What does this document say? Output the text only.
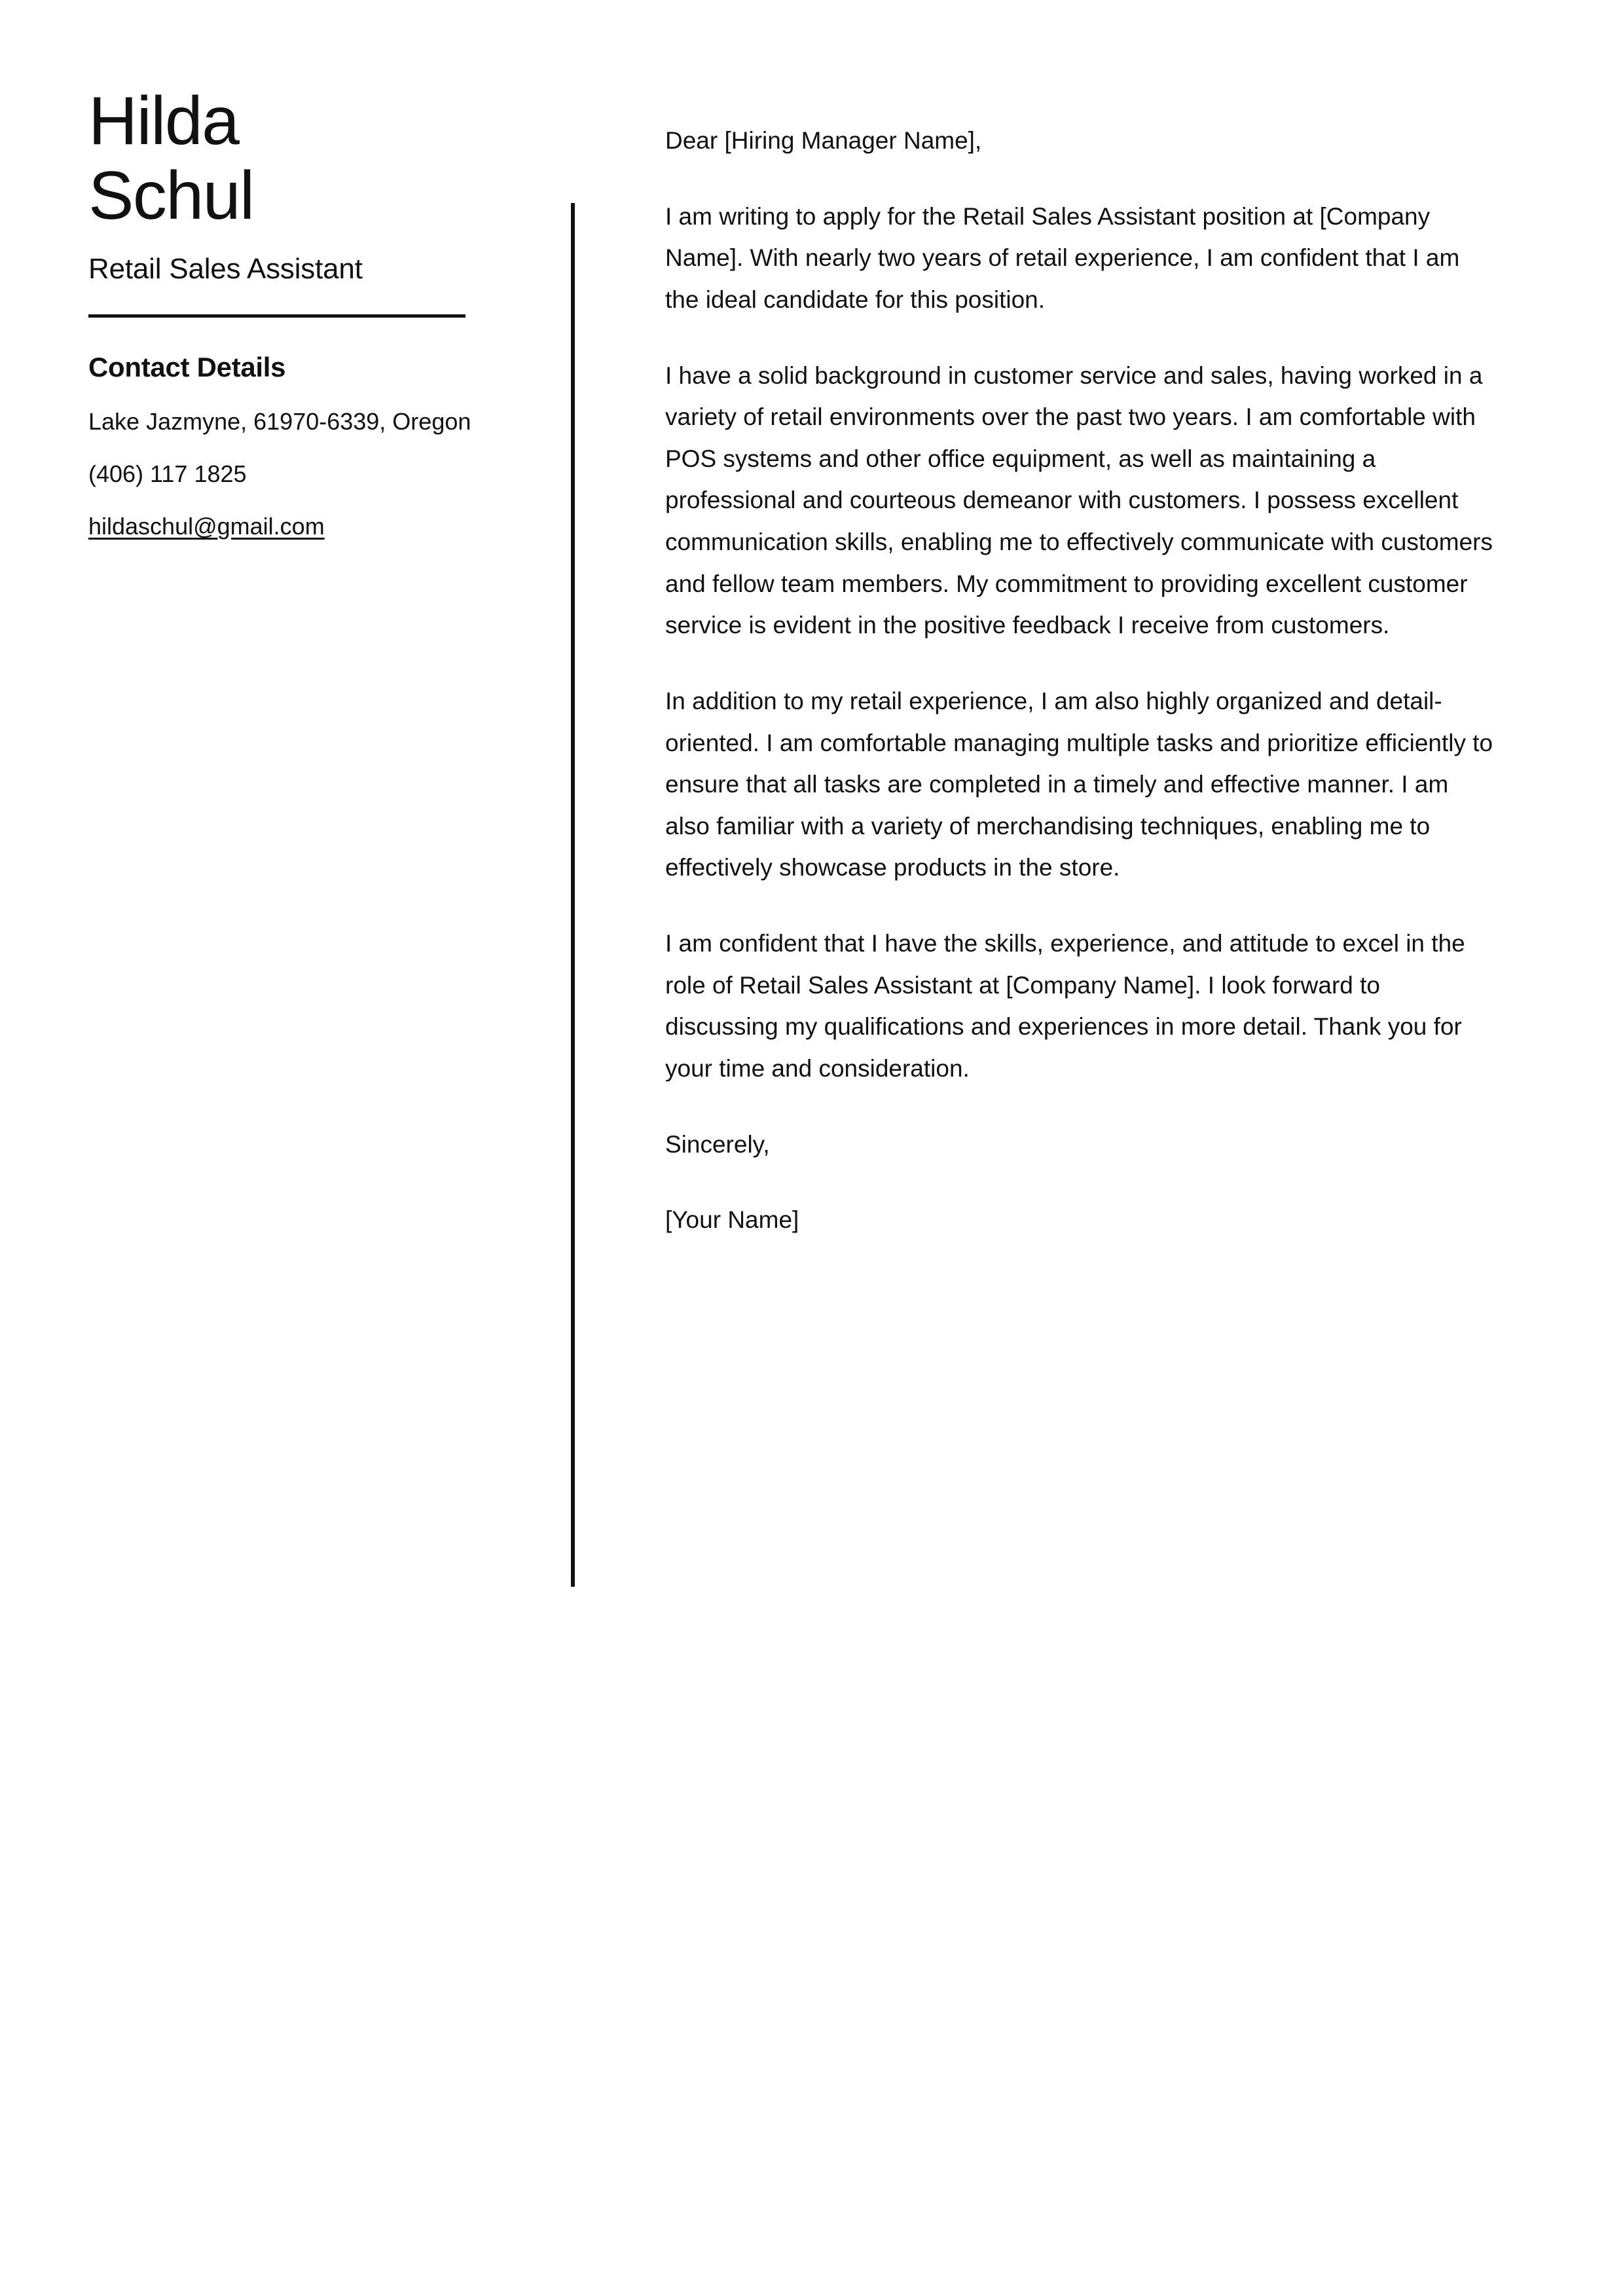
Hilda
Schul
Retail Sales Assistant
Contact Details
Lake Jazmyne, 61970-6339, Oregon
(406) 117 1825
hildaschul@gmail.com

Dear [Hiring Manager Name],

I am writing to apply for the Retail Sales Assistant position at [Company Name]. With nearly two years of retail experience, I am confident that I am the ideal candidate for this position.

I have a solid background in customer service and sales, having worked in a variety of retail environments over the past two years. I am comfortable with POS systems and other office equipment, as well as maintaining a professional and courteous demeanor with customers. I possess excellent communication skills, enabling me to effectively communicate with customers and fellow team members. My commitment to providing excellent customer service is evident in the positive feedback I receive from customers.

In addition to my retail experience, I am also highly organized and detail-oriented. I am comfortable managing multiple tasks and prioritize efficiently to ensure that all tasks are completed in a timely and effective manner. I am also familiar with a variety of merchandising techniques, enabling me to effectively showcase products in the store.

I am confident that I have the skills, experience, and attitude to excel in the role of Retail Sales Assistant at [Company Name]. I look forward to discussing my qualifications and experiences in more detail. Thank you for your time and consideration.

Sincerely,

[Your Name]
